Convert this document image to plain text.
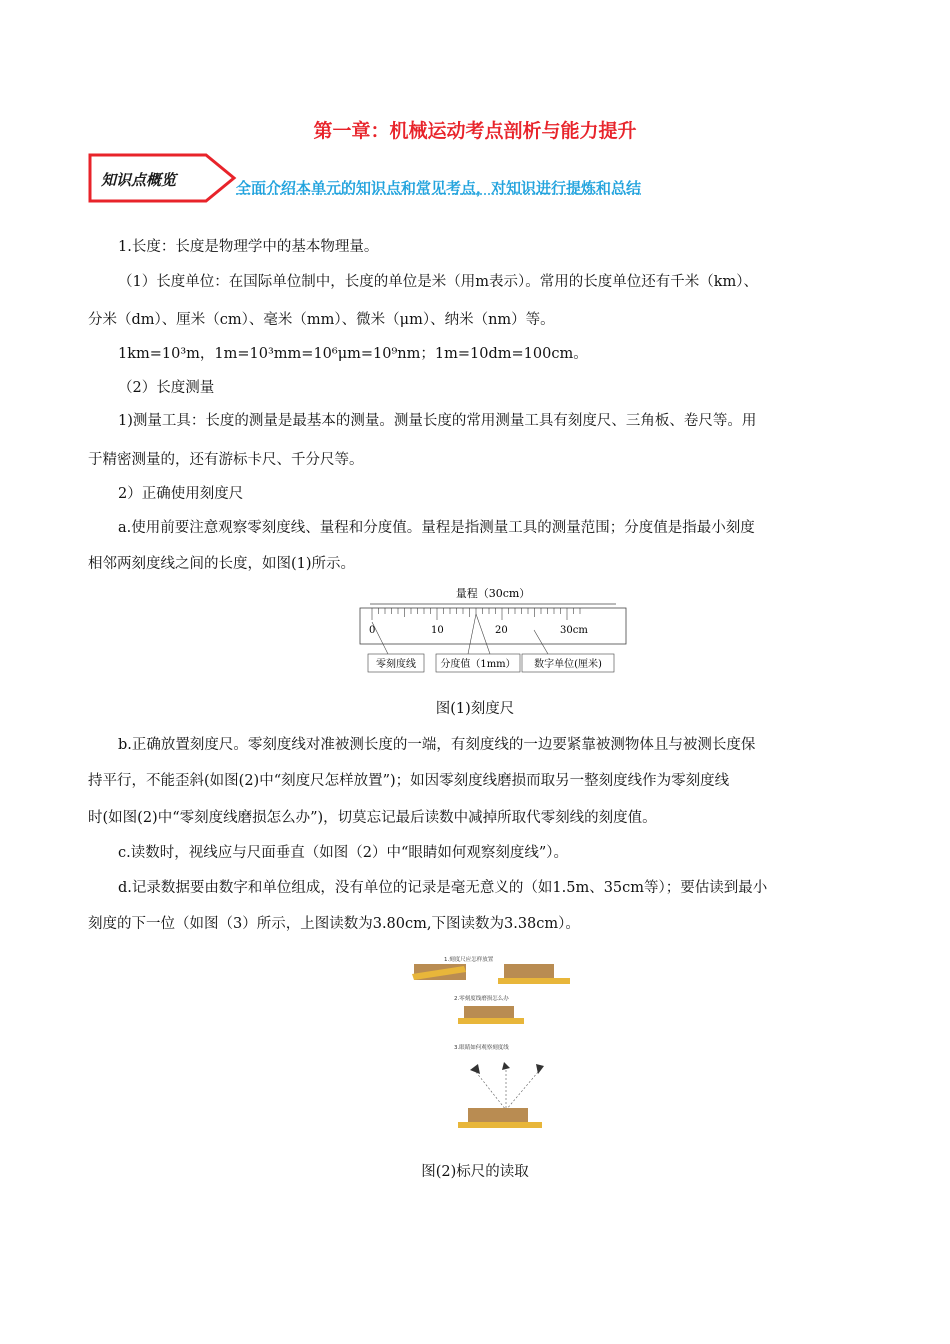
第一章：机械运动考点剖析与能力提升
知识点概览	全面介绍本单元的知识点和常见考点，对知识进行提炼和总结
1.长度：长度是物理学中的基本物理量。
（1）长度单位：在国际单位制中，长度的单位是米（用m表示）。常用的长度单位还有千米（km）、
分米（dm）、厘米（cm）、毫米（mm）、微米（μm）、纳米（nm）等。
1km=10³m，1m=10³mm=10⁶μm=10⁹nm；1m=10dm=100cm。
（2）长度测量
1)测量工具：长度的测量是最基本的测量。测量长度的常用测量工具有刻度尺、三角板、卷尺等。用
于精密测量的，还有游标卡尺、千分尺等。
2）正确使用刻度尺
a.使用前要注意观察零刻度线、量程和分度值。量程是指测量工具的测量范围；分度值是指最小刻度
相邻两刻度线之间的长度，如图(1)所示。
量程（30cm）
0	10	20	30cm
零刻度线 分度值（1mm） 数字单位(厘米)
图(1)刻度尺
b.正确放置刻度尺。零刻度线对准被测长度的一端，有刻度线的一边要紧靠被测物体且与被测长度保
持平行，不能歪斜(如图(2)中“刻度尺怎样放置”)；如因零刻度线磨损而取另一整刻度线作为零刻度线
时(如图(2)中“零刻度线磨损怎么办”)，切莫忘记最后读数中减掉所取代零刻线的刻度值。
c.读数时，视线应与尺面垂直（如图（2）中“眼睛如何观察刻度线”）。
d.记录数据要由数字和单位组成，没有单位的记录是毫无意义的（如1.5m、35cm等）；要估读到最小
刻度的下一位（如图（3）所示，上图读数为3.80cm,下图读数为3.38cm）。
1.刻度尺应怎样放置
2.零刻度线磨损怎么办
3.眼睛如何观察刻度线
图(2)标尺的读取
